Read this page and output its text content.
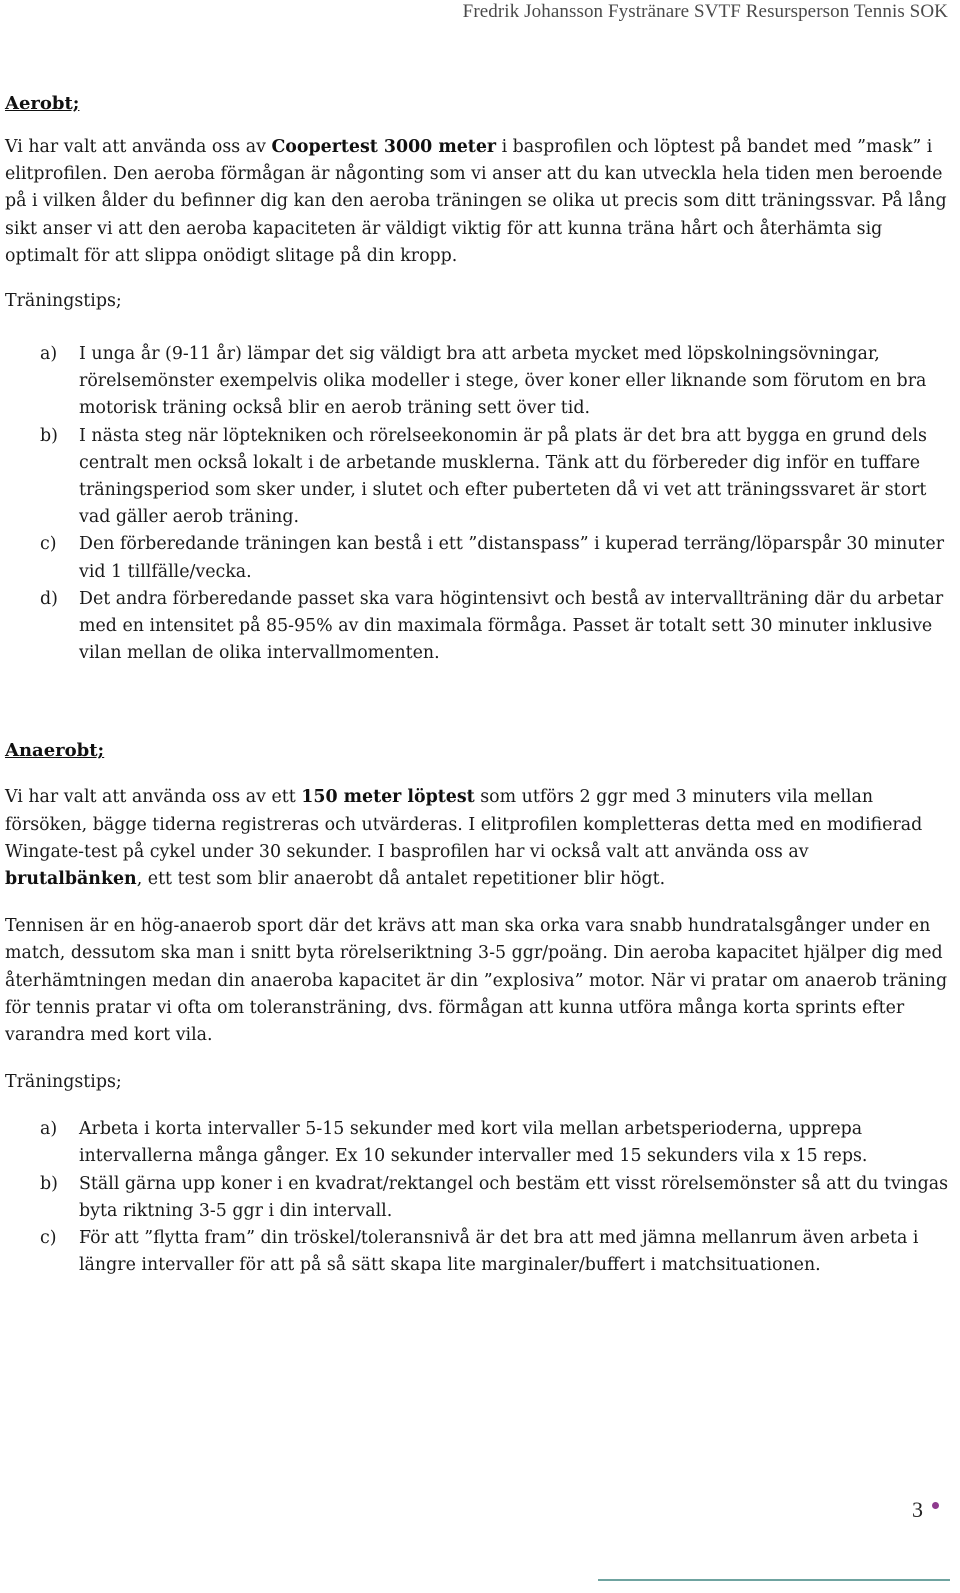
Fredrik Johansson Fystränare SVTF Resursperson Tennis SOK
Aerobt;

Vi har valt att använda oss av Coopertest 3000 meter i basprofilen och löptest på bandet med ”mask” i elitprofilen. Den aeroba förmågan är någonting som vi anser att du kan utveckla hela tiden men beroende på i vilken ålder du befinner dig kan den aeroba träningen se olika ut precis som ditt träningssvar. På lång sikt anser vi att den aeroba kapaciteten är väldigt viktig för att kunna träna hårt och återhämta sig optimalt för att slippa onödigt slitage på din kropp.

Träningstips;

a) I unga år (9-11 år) lämpar det sig väldigt bra att arbeta mycket med löpskolningsövningar, rörelsemönster exempelvis olika modeller i stege, över koner eller liknande som förutom en bra motorisk träning också blir en aerob träning sett över tid.
b) I nästa steg när löptekniken och rörelseekonomin är på plats är det bra att bygga en grund dels centralt men också lokalt i de arbetande musklerna. Tänk att du förbereder dig inför en tuffare träningsperiod som sker under, i slutet och efter puberteten då vi vet att träningssvaret är stort vad gäller aerob träning.
c) Den förberedande träningen kan bestå i ett ”distanspass” i kuperad terräng/löparspår 30 minuter vid 1 tillfälle/vecka.
d) Det andra förberedande passet ska vara högintensivt och bestå av intervallträning där du arbetar med en intensitet på 85-95% av din maximala förmåga. Passet är totalt sett 30 minuter inklusive vilan mellan de olika intervallmomenten.
Anaerobt;

Vi har valt att använda oss av ett 150 meter löptest som utförs 2 ggr med 3 minuters vila mellan försöken, bägge tiderna registreras och utvärderas. I elitprofilen kompletteras detta med en modifierad Wingate-test på cykel under 30 sekunder. I basprofilen har vi också valt att använda oss av brutalbänken, ett test som blir anaerobt då antalet repetitioner blir högt.

Tennisen är en hög-anaerob sport där det krävs att man ska orka vara snabb hundratalsgånger under en match, dessutom ska man i snitt byta rörelseriktning 3-5 ggr/poäng. Din aeroba kapacitet hjälper dig med återhämtningen medan din anaeroba kapacitet är din ”explosiva” motor. När vi pratar om anaerob träning för tennis pratar vi ofta om toleransträning, dvs. förmågan att kunna utföra många korta sprints efter varandra med kort vila.

Träningstips;

a) Arbeta i korta intervaller 5-15 sekunder med kort vila mellan arbetsperioderna, upprepa intervallerna många gånger. Ex 10 sekunder intervaller med 15 sekunders vila x 15 reps.
b) Ställ gärna upp koner i en kvadrat/rektangel och bestäm ett visst rörelsemönster så att du tvingas byta riktning 3-5 ggr i din intervall.
c) För att ”flytta fram” din tröskel/toleransnivå är det bra att med jämna mellanrum även arbeta i längre intervaller för att på så sätt skapa lite marginaler/buffert i matchsituationen.
3
